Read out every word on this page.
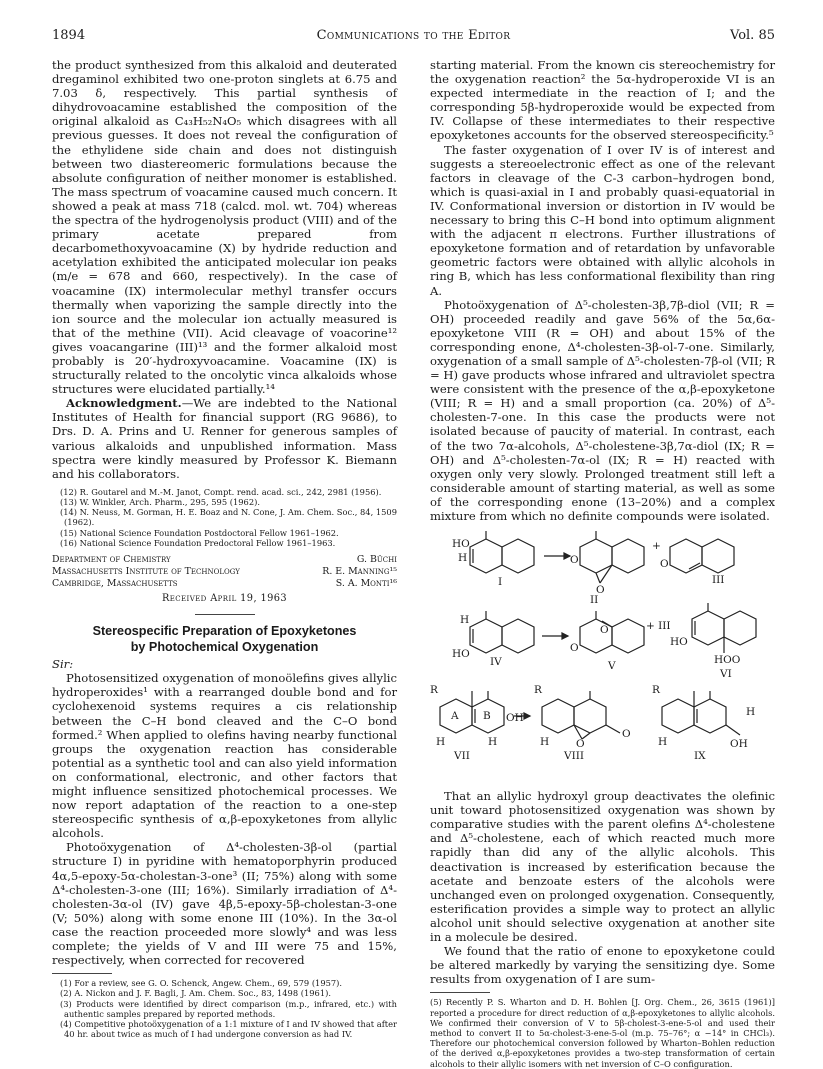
1894	Communications to the Editor	Vol. 85

the product synthesized from this alkaloid and deuterated dregaminol exhibited two one-proton singlets at 6.75 and 7.03 δ, respectively. This partial synthesis of dihydrovoacamine established the composition of the original alkaloid as C₄₃H₅₂N₄O₅ which disagrees with all previous guesses. It does not reveal the configuration of the ethylidene side chain and does not distinguish between two diastereomeric formulations because the absolute configuration of neither monomer is established. The mass spectrum of voacamine caused much concern. It showed a peak at mass 718 (calcd. mol. wt. 704) whereas the spectra of the hydrogenolysis product (VIII) and of the primary acetate prepared from decarbomethoxyvoacamine (X) by hydride reduction and acetylation exhibited the anticipated molecular ion peaks (m/e = 678 and 660, respectively). In the case of voacamine (IX) intermolecular methyl transfer occurs thermally when vaporizing the sample directly into the ion source and the molecular ion actually measured is that of the methine (VII). Acid cleavage of voacorine¹² gives voacangarine (III)¹³ and the former alkaloid most probably is 20′-hydroxyvoacamine. Voacamine (IX) is structurally related to the oncolytic vinca alkaloids whose structures were elucidated partially.¹⁴

Acknowledgment.—We are indebted to the National Institutes of Health for financial support (RG 9686), to Drs. D. A. Prins and U. Renner for generous samples of various alkaloids and unpublished information. Mass spectra were kindly measured by Professor K. Biemann and his collaborators.

(12) R. Goutarel and M.-M. Janot, Compt. rend. acad. sci., 242, 2981 (1956).
(13) W. Winkler, Arch. Pharm., 295, 595 (1962).
(14) N. Neuss, M. Gorman, H. E. Boaz and N. Cone, J. Am. Chem. Soc., 84, 1509 (1962).
(15) National Science Foundation Postdoctoral Fellow 1961–1962.
(16) National Science Foundation Predoctoral Fellow 1961–1963.
Department of Chemistry	G. Büchi
Massachusetts Institute of Technology	R. E. Manning¹⁵
Cambridge, Massachusetts	S. A. Monti¹⁶
Received April 19, 1963
Stereospecific Preparation of Epoxyketones
by Photochemical Oxygenation
Sir:

Photosensitized oxygenation of monoölefins gives allylic hydroperoxides¹ with a rearranged double bond and for cyclohexenoid systems requires a cis relationship between the C–H bond cleaved and the C–O bond formed.² When applied to olefins having nearby functional groups the oxygenation reaction has considerable potential as a synthetic tool and can also yield information on conformational, electronic, and other factors that might influence sensitized photochemical processes. We now report adaptation of the reaction to a one-step stereospecific synthesis of α,β-epoxyketones from allylic alcohols.

Photoöxygenation of Δ⁴-cholesten-3β-ol (partial structure I) in pyridine with hematoporphyrin produced 4α,5-epoxy-5α-cholestan-3-one³ (II; 75%) along with some Δ⁴-cholesten-3-one (III; 16%). Similarly irradiation of Δ⁴-cholesten-3α-ol (IV) gave 4β,5-epoxy-5β-cholestan-3-one (V; 50%) along with some enone III (10%). In the 3α-ol case the reaction proceeded more slowly⁴ and was less complete; the yields of V and III were 75 and 15%, respectively, when corrected for recovered

(1) For a review, see G. O. Schenck, Angew. Chem., 69, 579 (1957).
(2) A. Nickon and J. F. Bagli, J. Am. Chem. Soc., 83, 1498 (1961).
(3) Products were identified by direct comparison (m.p., infrared, etc.) with authentic samples prepared by reported methods.
(4) Competitive photoöxygenation of a 1:1 mixture of I and IV showed that after 40 hr. about twice as much of I had undergone conversion as had IV.

starting material. From the known cis stereochemistry for the oxygenation reaction² the 5α-hydroperoxide VI is an expected intermediate in the reaction of I; and the corresponding 5β-hydroperoxide would be expected from IV. Collapse of these intermediates to their respective epoxyketones accounts for the observed stereospecificity.⁵

The faster oxygenation of I over IV is of interest and suggests a stereoelectronic effect as one of the relevant factors in cleavage of the C-3 carbon–hydrogen bond, which is quasi-axial in I and probably quasi-equatorial in IV. Conformational inversion or distortion in IV would be necessary to bring this C–H bond into optimum alignment with the adjacent π electrons. Further illustrations of epoxyketone formation and of retardation by unfavorable geometric factors were obtained with allylic alcohols in ring B, which has less conformational flexibility than ring A.

Photoöxygenation of Δ⁵-cholesten-3β,7β-diol (VII; R = OH) proceeded readily and gave 56% of the 5α,6α-epoxyketone VIII (R = OH) and about 15% of the corresponding enone, Δ⁴-cholesten-3β-ol-7-one. Similarly, oxygenation of a small sample of Δ⁵-cholesten-7β-ol (VII; R = H) gave products whose infrared and ultraviolet spectra were consistent with the presence of the α,β-epoxyketone (VIII; R = H) and a small proportion (ca. 20%) of Δ⁵-cholesten-7-one. In this case the products were not isolated because of paucity of material. In contrast, each of the two 7α-alcohols, Δ⁵-cholestene-3β,7α-diol (IX; R = OH) and Δ⁵-cholesten-7α-ol (IX; R = H) reacted with oxygen only very slowly. Prolonged treatment still left a considerable amount of starting material, as well as some of the corresponding enone (13–20%) and a complex mixture from which no definite compounds were isolated.

HO
H
I
O
O
II
+
O
III
H
HO
IV
O
O	+ III
V
HO
HOO
VI
R
A B OH
H	H
VII
R
H	O
O
VIII
R
H
H	OH
IX

That an allylic hydroxyl group deactivates the olefinic unit toward photosensitized oxygenation was shown by comparative studies with the parent olefins Δ⁴-cholestene and Δ⁵-cholestene, each of which reacted much more rapidly than did any of the allylic alcohols. This deactivation is increased by esterification because the acetate and benzoate esters of the alcohols were unchanged even on prolonged oxygenation. Consequently, esterification provides a simple way to protect an allylic alcohol unit should selective oxygenation at another site in a molecule be desired.

We found that the ratio of enone to epoxyketone could be altered markedly by varying the sensitizing dye. Some results from oxygenation of I are sum-

(5) Recently P. S. Wharton and D. H. Bohlen [J. Org. Chem., 26, 3615 (1961)] reported a procedure for direct reduction of α,β-epoxyketones to allylic alcohols. We confirmed their conversion of V to 5β-cholest-3-ene-5-ol and used their method to convert II to 5α-cholest-3-ene-5-ol (m.p. 75–76°; α −14° in CHCl₃). Therefore our photochemical conversion followed by Wharton–Bohlen reduction of the derived α,β-epoxyketones provides a two-step transformation of certain alcohols to their allylic isomers with net inversion of C–O configuration.
